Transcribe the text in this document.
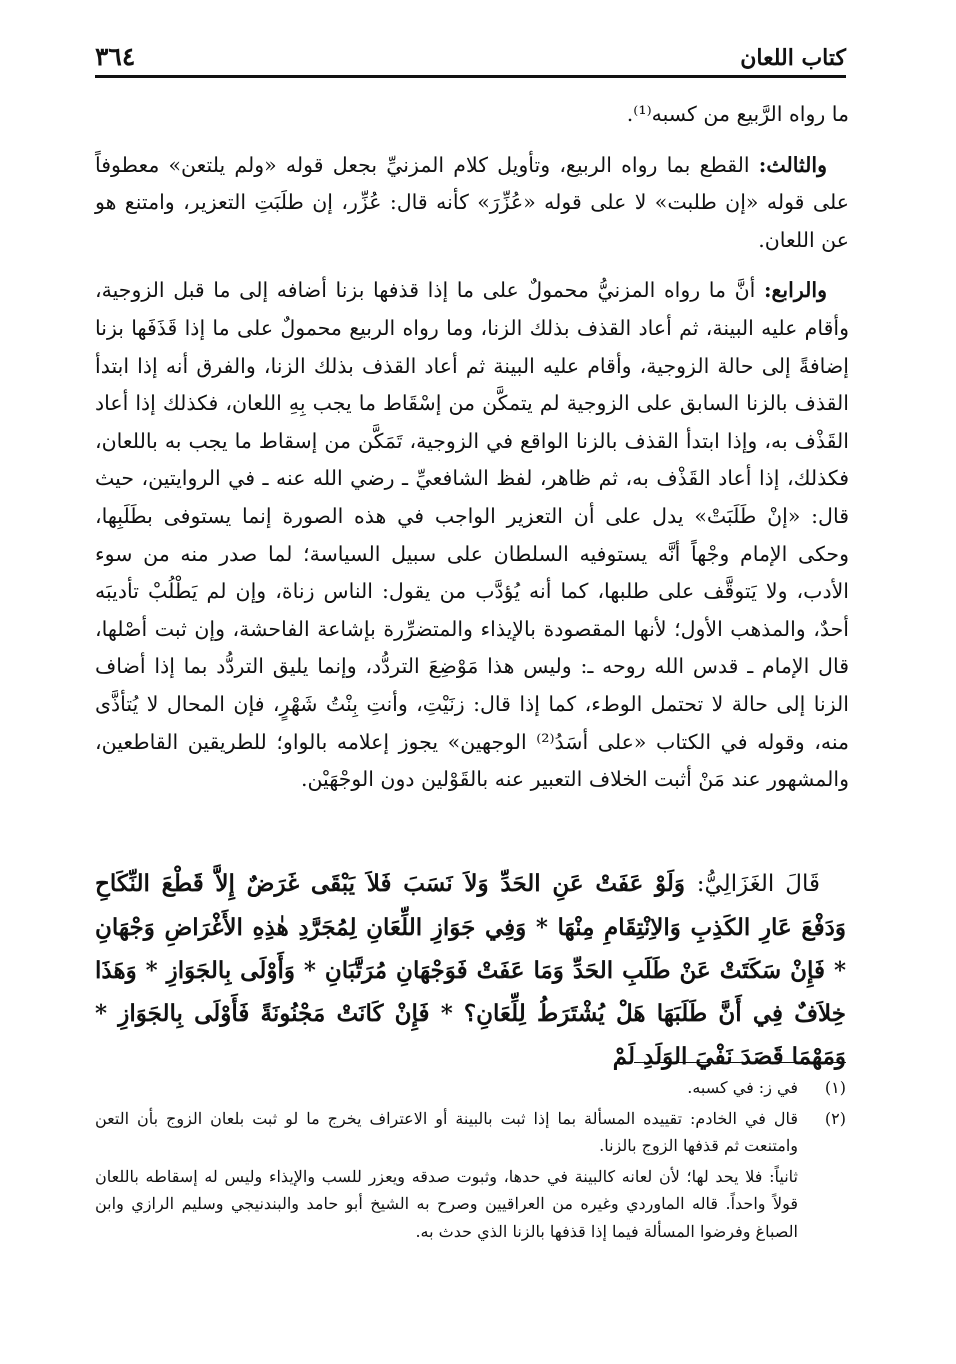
كتاب اللعان
٣٦٤

ما رواه الرَّبيع من كسبه⁽¹⁾.

والثالث: القطع بما رواه الربيع، وتأويل كلام المزنيِّ بجعل قوله «ولم يلتعن» معطوفاً على قوله «إن طلبت» لا على قوله «عُزِّرَ» كأنه قال: عُزِّر، إن طلَبَتِ التعزير، وامتنع هو عن اللعان.

والرابع: أنَّ ما رواه المزنيُّ محمولٌ على ما إذا قذفها بزنا أضافه إلى ما قبل الزوجية، وأقام عليه البينة، ثم أعاد القذف بذلك الزنا، وما رواه الربيع محمولٌ على ما إذا قَذَفَها بزنا إضافةً إلى حالة الزوجية، وأقام عليه البينة ثم أعاد القذف بذلك الزنا، والفرق أنه إذا ابتدأ القذف بالزنا السابق على الزوجية لم يتمكَّن من إسْقَاط ما يجب بِهِ اللعان، فكذلك إذا أعاد القَذْف به، وإذا ابتدأ القذف بالزنا الواقع في الزوجية، تَمَكَّن من إسقاط ما يجب به باللعان، فكذلك، إذا أعاد القَذْف به، ثم ظاهر، لفظ الشافعيِّ ـ رضي الله عنه ـ في الروايتين، حيث قال: «إنْ طَلَبَتْ» يدل على أن التعزير الواجب في هذه الصورة إنما يستوفى بطَلَبِها، وحكى الإمام وجْهاً أنَّه يستوفيه السلطان على سبيل السياسة؛ لما صدر منه من سوء الأدب، ولا يَتوقَّف على طلبها، كما أنه يُؤدَّب من يقول: الناس زناة، وإن لم يَطْلُبْ تأديبَه أحدٌ، والمذهب الأول؛ لأنها المقصودة بالإيذاء والمتضرِّرة بإشاعة الفاحشة، وإن ثبت أصْلها، قال الإمام ـ قدس الله روحه ـ: وليس هذا مَوْضِعَ التردُّد، وإنما يليق التردُّد بما إذا أضاف الزنا إلى حالة لا تحتمل الوطء، كما إذا قال: زنَيْتِ، وأنتِ بِنْتُ شَهْرٍ، فإن المحال لا يُتأذَّى منه، وقوله في الكتاب «على أسَدُ⁽²⁾ الوجهين» يجوز إعلامه بالواو؛ للطريقين القاطعين، والمشهور عند مَنْ أثبت الخلاف التعبير عنه بالقَوْلين دون الوجْهَيْن.

قَالَ الغَزَالِيُّ: وَلَوْ عَفَتْ عَنِ الحَدِّ وَلاَ نَسَبَ فَلاَ يَبْقَى غَرَضٌ إِلاَّ قَطْعَ النِّكَاحِ وَدَفْعَ عَارِ الكَذِبِ وَالاِنْتِقَامِ مِنْهَا * وَفِي جَوَازِ اللِّعَانِ لِمُجَرَّدِ هٰذِهِ الأَغْرَاضِ وَجْهَانِ * فَإِنْ سَكَتَتْ عَنْ طَلَبِ الحَدِّ وَمَا عَفَتْ فَوَجْهَانِ مُرَتَّبَانِ * وَأَوْلَى بِالجَوَازِ * وَهَذَا خِلاَفٌ فِي أَنَّ طَلَبَهَا هَلْ يُشْتَرَطُ لِلِّعَانِ؟ * فَإِنْ كَانَتْ مَجْنُونَةً فَأَوْلَى بِالجَوَازِ * وَمَهْمَا قَصَدَ نَفْيَ الوَلَدِ لَمْ
(١)
في ز: في كسبه.
(٢)
قال في الخادم: تقييده المسألة بما إذا ثبت بالبينة أو الاعتراف يخرج ما لو ثبت بلعان الزوج بأن التعن وامتنعت ثم قذفها الزوج بالزنا.
ثانياً: فلا يحد لها؛ لأن لعانه كالبينة في حدها، وثبوت صدقه ويعزر للسب والإيذاء وليس له إسقاطه باللعان قولاً واحداً. قاله الماوردي وغيره من العراقيين وصرح به الشيخ أبو حامد والبندنيجي وسليم الرازي وابن الصباغ وفرضوا المسألة فيما إذا قذفها بالزنا الذي حدث به.
